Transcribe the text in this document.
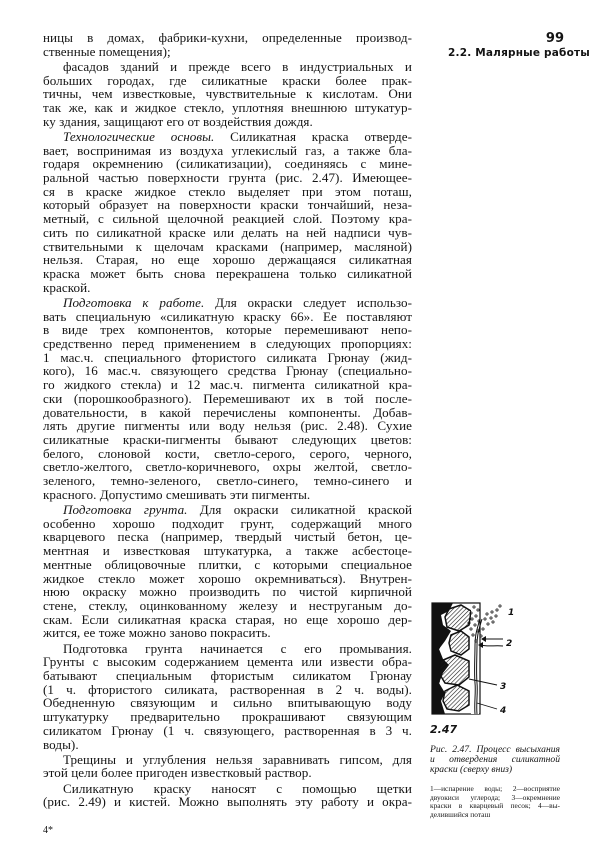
99
2.2. Малярные работы

ницы в домах, фабрики-кухни, определенные производ-
ственные помещения);

фасадов зданий и прежде всего в индустриальных и
больших городах, где силикатные краски более прак-
тичны, чем известковые, чувствительные к кислотам. Они
так же, как и жидкое стекло, уплотняя внешнюю штукатур-
ку здания, защищают его от воздействия дождя.

Технологические основы. Силикатная краска отверде-
вает, воспринимая из воздуха углекислый газ, а также бла-
годаря окремнению (силикатизации), соединяясь с мине-
ральной частью поверхности грунта (рис. 2.47). Имеющее-
ся в краске жидкое стекло выделяет при этом поташ,
который образует на поверхности краски тончайший, неза-
метный, с сильной щелочной реакцией слой. Поэтому кра-
сить по силикатной краске или делать на ней надписи чув-
ствительными к щелочам красками (например, масляной)
нельзя. Старая, но еще хорошо держащаяся силикатная
краска может быть снова перекрашена только силикатной
краской.

Подготовка к работе. Для окраски следует использо-
вать специальную «силикатную краску 66». Ее поставляют
в виде трех компонентов, которые перемешивают непо-
средственно перед применением в следующих пропорциях:
1 мас.ч. специального фтористого силиката Грюнау (жид-
кого), 16 мас.ч. связующего средства Грюнау (специально-
го жидкого стекла) и 12 мас.ч. пигмента силикатной кра-
ски (порошкообразного). Перемешивают их в той после-
довательности, в какой перечислены компоненты. Добав-
лять другие пигменты или воду нельзя (рис. 2.48). Сухие
силикатные краски-пигменты бывают следующих цветов:
белого, слоновой кости, светло-серого, серого, черного,
светло-желтого, светло-коричневого, охры желтой, светло-
зеленого, темно-зеленого, светло-синего, темно-синего и
красного. Допустимо смешивать эти пигменты.

Подготовка грунта. Для окраски силикатной краской
особенно хорошо подходит грунт, содержащий много
кварцевого песка (например, твердый чистый бетон, це-
ментная и известковая штукатурка, а также асбестоце-
ментные облицовочные плитки, с которыми специальное
жидкое стекло может хорошо окремниваться). Внутрен-
нюю окраску можно производить по чистой кирпичной
стене, стеклу, оцинкованному железу и неструганым до-
скам. Если силикатная краска старая, но еще хорошо дер-
жится, ее тоже можно заново покрасить.

Подготовка грунта начинается с его промывания.
Грунты с высоким содержанием цемента или извести обра-
батывают специальным фтористым силикатом Грюнау
(1 ч. фтористого силиката, растворенная в 2 ч. воды).
Обедненную связующим и сильно впитывающую воду
штукатурку предварительно прокрашивают связующим
силикатом Грюнау (1 ч. связующего, растворенная в 3 ч.
воды).

Трещины и углубления нельзя заравнивать гипсом, для
этой цели более пригоден известковый раствор.

Силикатную краску наносят с помощью щетки
(рис. 2.49) и кистей. Можно выполнять эту работу и окра-

1
2
3
4
2.47
Рис. 2.47. Процесс высыхания
и отвердения силикатной
краски (сверху вниз)
1—испарение воды; 2—восприятие
двуокиси углерода; 3—окремнение
краски в кварцевый песок; 4—вы-
делившийся поташ
4*
